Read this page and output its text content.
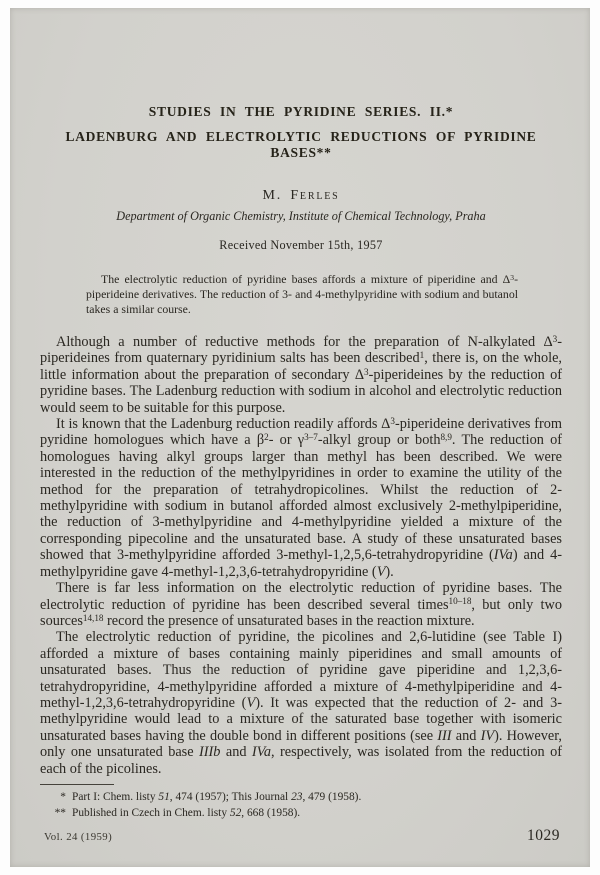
STUDIES IN THE PYRIDINE SERIES. II.*
LADENBURG AND ELECTROLYTIC REDUCTIONS OF PYRIDINE BASES**
M. Ferles
Department of Organic Chemistry, Institute of Chemical Technology, Praha
Received November 15th, 1957
The electrolytic reduction of pyridine bases affords a mixture of piperidine and $\Delta^3$-piperideine derivatives. The reduction of 3- and 4-methylpyridine with sodium and butanol takes a similar course.

Although a number of reductive methods for the preparation of N-alkylated $\Delta^3$-piperideines from quaternary pyridinium salts has been described$^1$, there is, on the whole, little information about the preparation of secondary $\Delta^3$-piperideines by the reduction of pyridine bases. The Ladenburg reduction with sodium in alcohol and electrolytic reduction would seem to be suitable for this purpose.

It is known that the Ladenburg reduction readily affords $\Delta^3$-piperideine derivatives from pyridine homologues which have a $\beta^2-$ or $\gamma^{3-7}$-alkyl group or both$^{8,9}$. The reduction of homologues having alkyl groups larger than methyl has been described. We were interested in the reduction of the methylpyridines in order to examine the utility of the method for the preparation of tetrahydropicolines. Whilst the reduction of 2-methylpyridine with sodium in butanol afforded almost exclusively 2-methylpiperidine, the reduction of 3-methylpyridine and 4-methylpyridine yielded a mixture of the corresponding pipecoline and the unsaturated base. A study of these unsaturated bases showed that 3-methylpyridine afforded 3-methyl-1,2,5,6-tetrahydropyridine (IVa) and 4-methylpyridine gave 4-methyl-1,2,3,6-tetrahydropyridine (V).

There is far less information on the electrolytic reduction of pyridine bases. The electrolytic reduction of pyridine has been described several times$^{10-18}$, but only two sources$^{14,18}$ record the presence of unsaturated bases in the reaction mixture.

The electrolytic reduction of pyridine, the picolines and 2,6-lutidine (see Table I) afforded a mixture of bases containing mainly piperidines and small amounts of unsaturated bases. Thus the reduction of pyridine gave piperidine and 1,2,3,6-tetrahydropyridine, 4-methylpyridine afforded a mixture of 4-methylpiperidine and 4-methyl-1,2,3,6-tetrahydropyridine (V). It was expected that the reduction of 2- and 3-methylpyridine would lead to a mixture of the saturated base together with isomeric unsaturated bases having the double bond in different positions (see III and IV). However, only one unsaturated base IIIb and IVa, respectively, was isolated from the reduction of each of the picolines.

* Part I: Chem. listy 51, 474 (1957); This Journal 23, 479 (1958).

** Published in Czech in Chem. listy 52, 668 (1958).

Vol. 24 (1959)	1029
